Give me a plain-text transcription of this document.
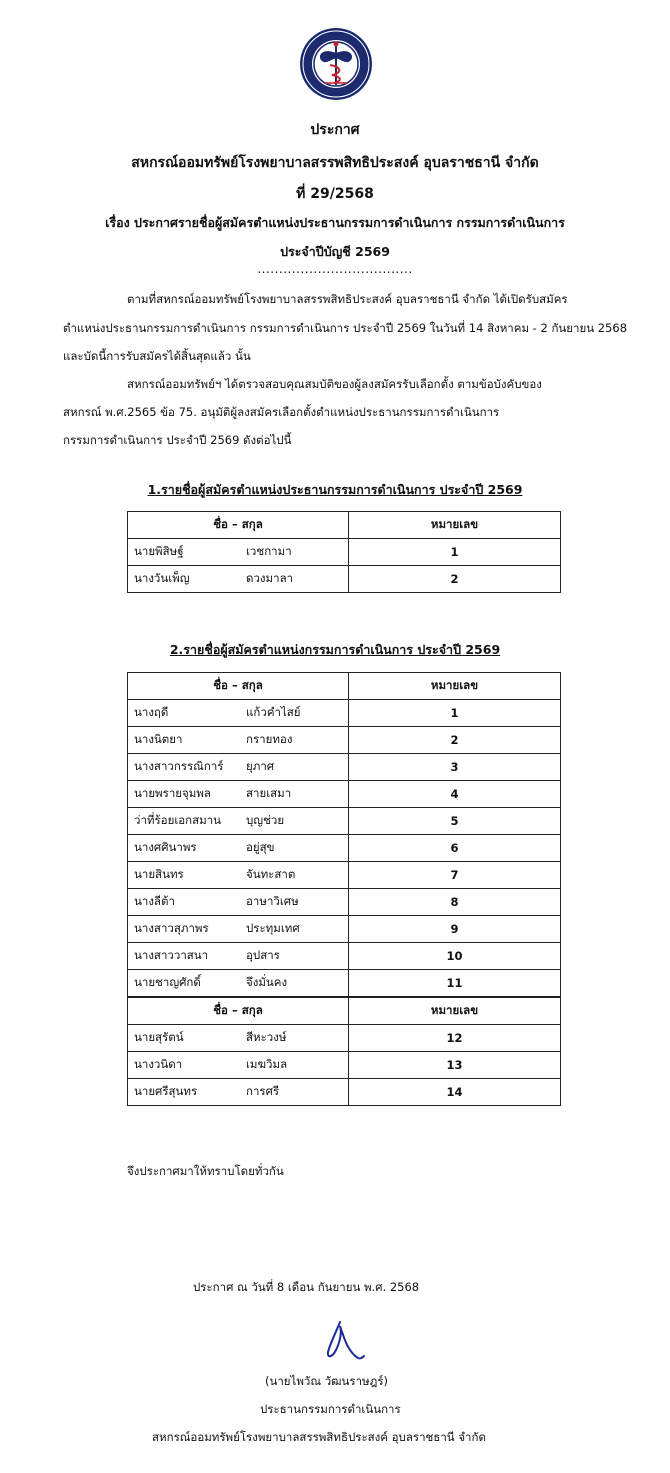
ประกาศ
สหกรณ์ออมทรัพย์โรงพยาบาลสรรพสิทธิประสงค์ อุบลราชธานี จำกัด
ที่ 29/2568
เรื่อง ประกาศรายชื่อผู้สมัครตำแหน่งประธานกรรมการดำเนินการ กรรมการดำเนินการ
ประจำปีบัญชี 2569
....................................
ตามที่สหกรณ์ออมทรัพย์โรงพยาบาลสรรพสิทธิประสงค์ อุบลราชธานี จำกัด ได้เปิดรับสมัคร
ตำแหน่งประธานกรรมการดำเนินการ กรรมการดำเนินการ ประจำปี 2569 ในวันที่ 14 สิงหาคม - 2 กันยายน 2568
และบัดนี้การรับสมัครได้สิ้นสุดแล้ว นั้น
สหกรณ์ออมทรัพย์ฯ ได้ตรวจสอบคุณสมบัติของผู้ลงสมัครรับเลือกตั้ง ตามข้อบังคับของ
สหกรณ์ พ.ศ.2565 ข้อ 75. อนุมัติผู้ลงสมัครเลือกตั้งตำแหน่งประธานกรรมการดำเนินการ
กรรมการดำเนินการ ประจำปี 2569 ดังต่อไปนี้
1.รายชื่อผู้สมัครตำแหน่งประธานกรรมการดำเนินการ ประจำปี 2569
ชื่อ – สกุล	หมายเลข
นายพิสิษฐ์ เวชกามา	1
นางวันเพ็ญ ดวงมาลา	2
2.รายชื่อผู้สมัครตำแหน่งกรรมการดำเนินการ ประจำปี 2569
ชื่อ – สกุล	หมายเลข
นางฤดี แก้วคำไสย์	1
นางนิตยา กรายทอง	2
นางสาวกรรณิการ์ ยุภาศ	3
นายพรายจุมพล สายเสมา	4
ว่าที่ร้อยเอกสมาน บุญช่วย	5
นางศศินาพร อยู่สุข	6
นายสินทร จันทะสาต	7
นางลีต้า อาษาวิเศษ	8
นางสาวสุภาพร ประทุมเทศ	9
นางสาววาสนา อุปสาร	10
นายชาญศักดิ์ จึงมั่นคง	11
ชื่อ – สกุล	หมายเลข
นายสุรัตน์ สีหะวงษ์	12
นางวนิดา เมฆวิมล	13
นายศรีสุนทร การศรี	14
จึงประกาศมาให้ทราบโดยทั่วกัน
ประกาศ ณ วันที่ 8 เดือน กันยายน พ.ศ. 2568
(นายไพวัณ วัฒนราษฎร์)
ประธานกรรมการดำเนินการ
สหกรณ์ออมทรัพย์โรงพยาบาลสรรพสิทธิประสงค์ อุบลราชธานี จำกัด
